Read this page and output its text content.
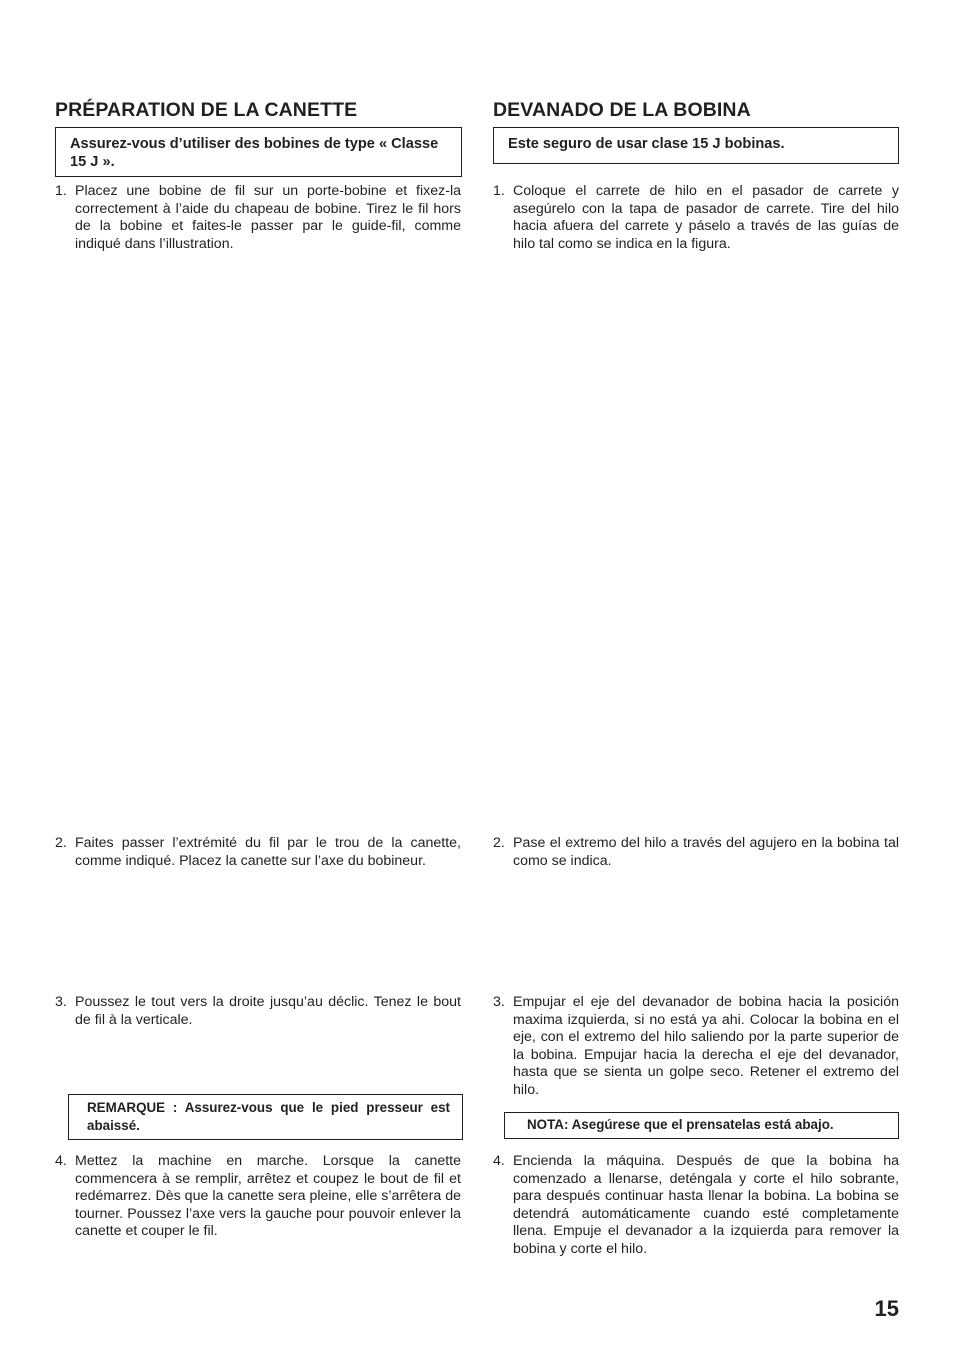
PRÉPARATION DE LA CANETTE
Assurez-vous d’utiliser des bobines de type « Classe 15 J ».
1. Placez une bobine de fil sur un porte-bobine et fixez-la correctement à l’aide du chapeau de bobine. Tirez le fil hors de la bobine et faites-le passer par le guide-fil, comme indiqué dans l’illustration.
2. Faites passer l’extrémité du fil par le trou de la canette, comme indiqué. Placez la canette sur l’axe du bobineur.
3. Poussez le tout vers la droite jusqu’au déclic. Tenez le bout de fil à la verticale.
REMARQUE : Assurez-vous que le pied presseur est abaissé.
4. Mettez la machine en marche. Lorsque la canette commencera à se remplir, arrêtez et coupez le bout de fil et redémarrez. Dès que la canette sera pleine, elle s’arrêtera de tourner. Poussez l’axe vers la gauche pour pouvoir enlever la canette et couper le fil.
DEVANADO DE LA BOBINA
Este seguro de usar clase 15 J bobinas.
1. Coloque el carrete de hilo en el pasador de carrete y asegúrelo con la tapa de pasador de carrete. Tire del hilo hacia afuera del carrete y páselo a través de las guías de hilo tal como se indica en la figura.
2. Pase el extremo del hilo a través del agujero en la bobina tal como se indica.
3. Empujar el eje del devanador de bobina hacia la posición maxima izquierda, si no está ya ahi. Colocar la bobina en el eje, con el extremo del hilo saliendo por la parte superior de la bobina. Empujar hacia la derecha el eje del devanador, hasta que se sienta un golpe seco. Retener el extremo del hilo.
NOTA: Asegúrese que el prensatelas está abajo.
4. Encienda la máquina. Después de que la bobina ha comenzado a llenarse, deténgala y corte el hilo sobrante, para después continuar hasta llenar la bobina. La bobina se detendrá automáticamente cuando esté completamente llena. Empuje el devanador a la izquierda para remover la bobina y corte el hilo.
15
